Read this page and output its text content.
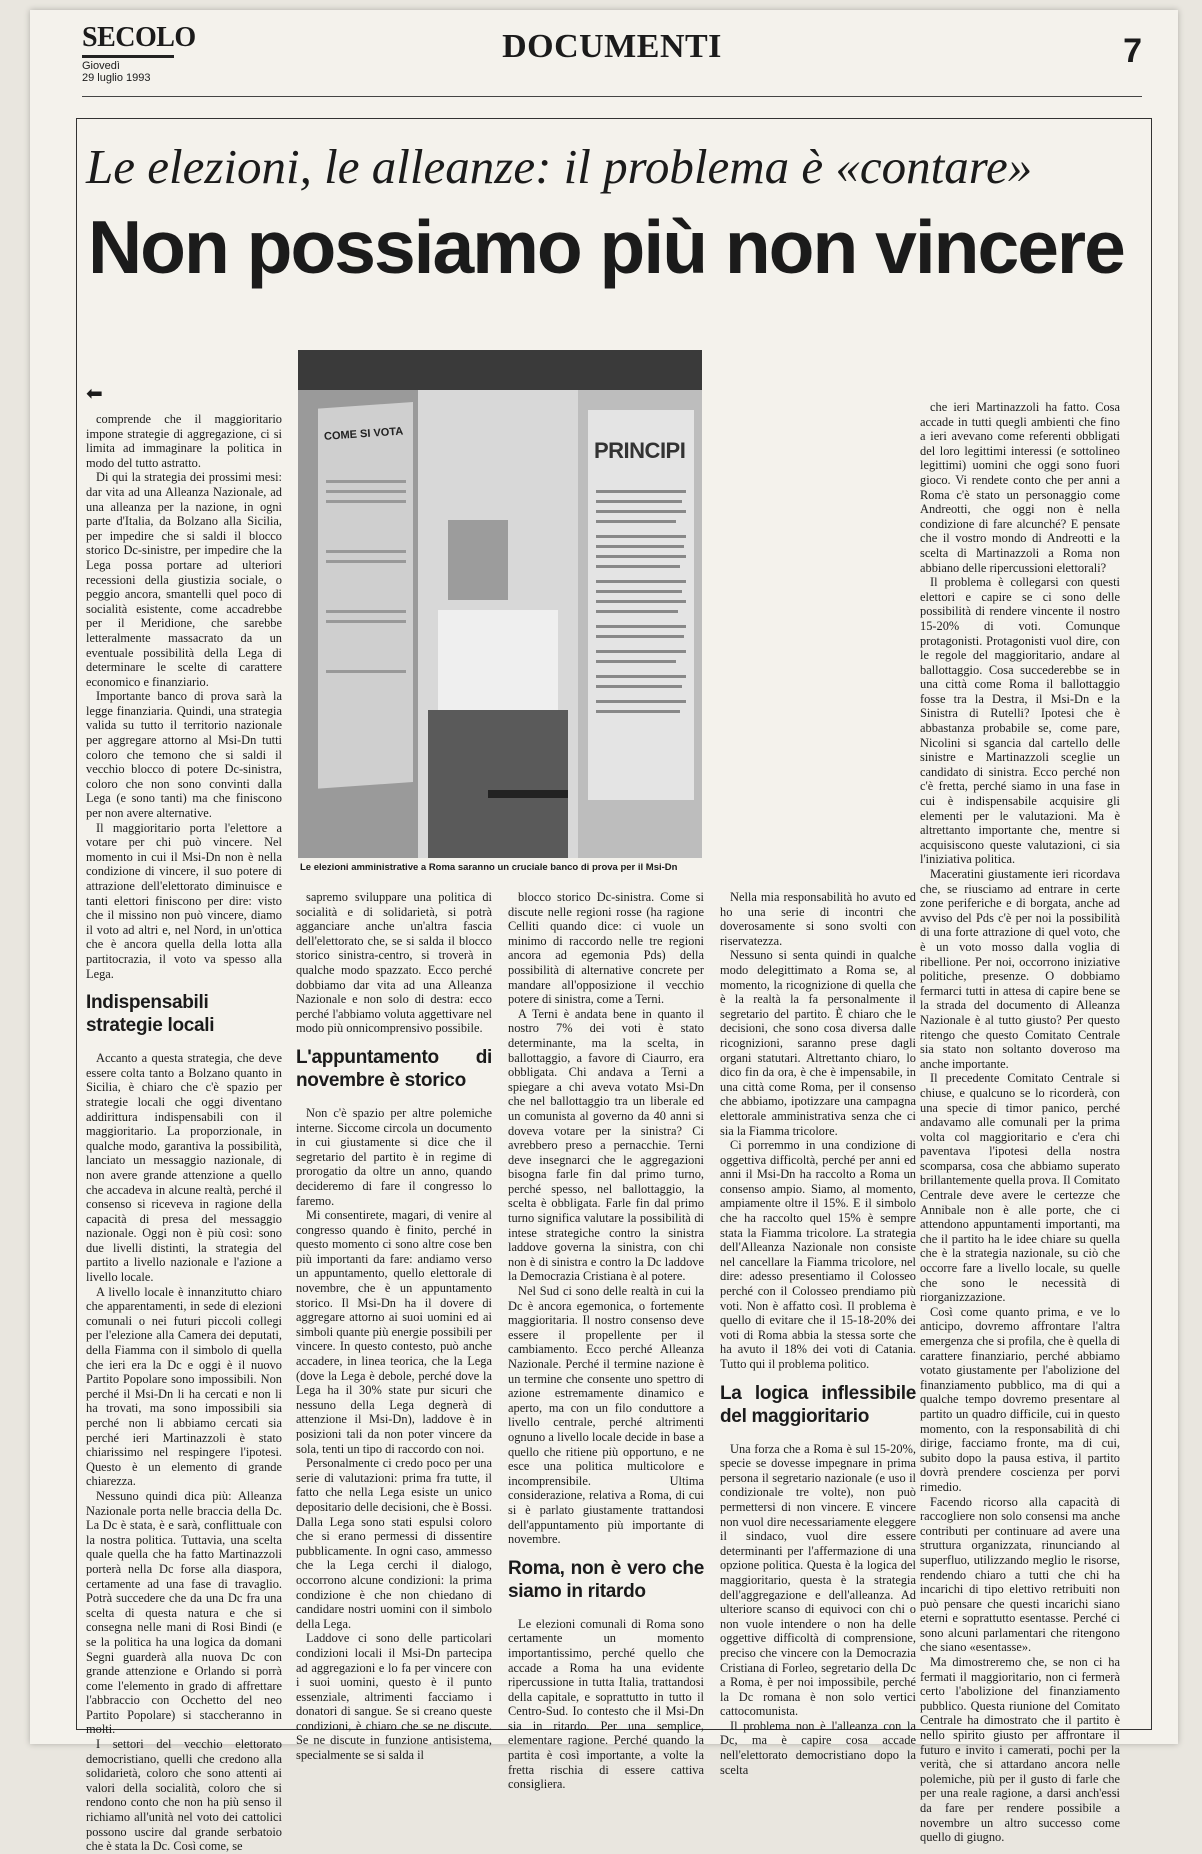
SECOLO
Giovedì
29 luglio 1993
DOCUMENTI	7
Le elezioni, le alleanze: il problema è «contare»
Non possiamo più non vincere
⬅

comprende che il maggioritario impone strategie di aggregazione, ci si limita ad immaginare la politica in modo del tutto astratto.

Di qui la strategia dei prossimi mesi: dar vita ad una Alleanza Nazionale, ad una alleanza per la nazione, in ogni parte d'Italia, da Bolzano alla Sicilia, per impedire che si saldi il blocco storico Dc-sinistre, per impedire che la Lega possa portare ad ulteriori recessioni della giustizia sociale, o peggio ancora, smantelli quel poco di socialità esistente, come accadrebbe per il Meridione, che sarebbe letteralmente massacrato da un eventuale possibilità della Lega di determinare le scelte di carattere economico e finanziario.

Importante banco di prova sarà la legge finanziaria. Quindi, una strategia valida su tutto il territorio nazionale per aggregare attorno al Msi-Dn tutti coloro che temono che si saldi il vecchio blocco di potere Dc-sinistra, coloro che non sono convinti dalla Lega (e sono tanti) ma che finiscono per non avere alternative.

Il maggioritario porta l'elettore a votare per chi può vincere. Nel momento in cui il Msi-Dn non è nella condizione di vincere, il suo potere di attrazione dell'elettorato diminuisce e tanti elettori finiscono per dire: visto che il missino non può vincere, diamo il voto ad altri e, nel Nord, in un'ottica che è ancora quella della lotta alla partitocrazia, il voto va spesso alla Lega.

Indispensabili strategie locali

Accanto a questa strategia, che deve essere colta tanto a Bolzano quanto in Sicilia, è chiaro che c'è spazio per strategie locali che oggi diventano addirittura indispensabili con il maggioritario. La proporzionale, in qualche modo, garantiva la possibilità, lanciato un messaggio nazionale, di non avere grande attenzione a quello che accadeva in alcune realtà, perché il consenso si riceveva in ragione della capacità di presa del messaggio nazionale. Oggi non è più così: sono due livelli distinti, la strategia del partito a livello nazionale e l'azione a livello locale.

A livello locale è innanzitutto chiaro che apparentamenti, in sede di elezioni comunali o nei futuri piccoli collegi per l'elezione alla Camera dei deputati, della Fiamma con il simbolo di quella che ieri era la Dc e oggi è il nuovo Partito Popolare sono impossibili. Non perché il Msi-Dn li ha cercati e non li ha trovati, ma sono impossibili sia perché non li abbiamo cercati sia perché ieri Martinazzoli è stato chiarissimo nel respingere l'ipotesi. Questo è un elemento di grande chiarezza.

Nessuno quindi dica più: Alleanza Nazionale porta nelle braccia della Dc. La Dc è stata, è e sarà, conflittuale con la nostra politica. Tuttavia, una scelta quale quella che ha fatto Martinazzoli porterà nella Dc forse alla diaspora, certamente ad una fase di travaglio. Potrà succedere che da una Dc fra una scelta di questa natura e che si consegna nelle mani di Rosi Bindi (e se la politica ha una logica da domani Segni guarderà alla nuova Dc con grande attenzione e Orlando si porrà come l'elemento in grado di affrettare l'abbraccio con Occhetto del neo Partito Popolare) si staccheranno in molti.

I settori del vecchio elettorato democristiano, quelli che credono alla solidarietà, coloro che sono attenti ai valori della socialità, coloro che si rendono conto che non ha più senso il richiamo all'unità nel voto dei cattolici possono uscire dal grande serbatoio che è stata la Dc. Così come, se

COME SI VOTA
PRINCIPI
Le elezioni amministrative a Roma saranno un cruciale banco di prova per il Msi-Dn

sapremo sviluppare una politica di socialità e di solidarietà, si potrà agganciare anche un'altra fascia dell'elettorato che, se si salda il blocco storico sinistra-centro, si troverà in qualche modo spazzato. Ecco perché dobbiamo dar vita ad una Alleanza Nazionale e non solo di destra: ecco perché l'abbiamo voluta aggettivare nel modo più onnicomprensivo possibile.

L'appuntamento di novembre è storico

Non c'è spazio per altre polemiche interne. Siccome circola un documento in cui giustamente si dice che il segretario del partito è in regime di prorogatio da oltre un anno, quando decideremo di fare il congresso lo faremo.

Mi consentirete, magari, di venire al congresso quando è finito, perché in questo momento ci sono altre cose ben più importanti da fare: andiamo verso un appuntamento, quello elettorale di novembre, che è un appuntamento storico. Il Msi-Dn ha il dovere di aggregare attorno ai suoi uomini ed ai simboli quante più energie possibili per vincere. In questo contesto, può anche accadere, in linea teorica, che la Lega (dove la Lega è debole, perché dove la Lega ha il 30% state pur sicuri che nessuno della Lega degnerà di attenzione il Msi-Dn), laddove è in posizioni tali da non poter vincere da sola, tenti un tipo di raccordo con noi.

Personalmente ci credo poco per una serie di valutazioni: prima fra tutte, il fatto che nella Lega esiste un unico depositario delle decisioni, che è Bossi. Dalla Lega sono stati espulsi coloro che si erano permessi di dissentire pubblicamente. In ogni caso, ammesso che la Lega cerchi il dialogo, occorrono alcune condizioni: la prima condizione è che non chiedano di candidare nostri uomini con il simbolo della Lega.

Laddove ci sono delle particolari condizioni locali il Msi-Dn partecipa ad aggregazioni e lo fa per vincere con i suoi uomini, questo è il punto essenziale, altrimenti facciamo i donatori di sangue. Se si creano queste condizioni, è chiaro che se ne discute. Se ne discute in funzione antisistema, specialmente se si salda il

blocco storico Dc-sinistra. Come si discute nelle regioni rosse (ha ragione Celliti quando dice: ci vuole un minimo di raccordo nelle tre regioni ancora ad egemonia Pds) della possibilità di alternative concrete per mandare all'opposizione il vecchio potere di sinistra, come a Terni.

A Terni è andata bene in quanto il nostro 7% dei voti è stato determinante, ma la scelta, in ballottaggio, a favore di Ciaurro, era obbligata. Chi andava a Terni a spiegare a chi aveva votato Msi-Dn che nel ballottaggio tra un liberale ed un comunista al governo da 40 anni si doveva votare per la sinistra? Ci avrebbero preso a pernacchie. Terni deve insegnarci che le aggregazioni bisogna farle fin dal primo turno, perché spesso, nel ballottaggio, la scelta è obbligata. Farle fin dal primo turno significa valutare la possibilità di intese strategiche contro la sinistra laddove governa la sinistra, con chi non è di sinistra e contro la Dc laddove la Democrazia Cristiana è al potere.

Nel Sud ci sono delle realtà in cui la Dc è ancora egemonica, o fortemente maggioritaria. Il nostro consenso deve essere il propellente per il cambiamento. Ecco perché Alleanza Nazionale. Perché il termine nazione è un termine che consente uno spettro di azione estremamente dinamico e aperto, ma con un filo conduttore a livello centrale, perché altrimenti ognuno a livello locale decide in base a quello che ritiene più opportuno, e ne esce una politica multicolore e incomprensibile. Ultima considerazione, relativa a Roma, di cui si è parlato giustamente trattandosi dell'appuntamento più importante di novembre.

Roma, non è vero che siamo in ritardo

Le elezioni comunali di Roma sono certamente un momento importantissimo, perché quello che accade a Roma ha una evidente ripercussione in tutta Italia, trattandosi della capitale, e soprattutto in tutto il Centro-Sud. Io contesto che il Msi-Dn sia in ritardo. Per una semplice, elementare ragione. Perché quando la partita è così importante, a volte la fretta rischia di essere cattiva consigliera.

Nella mia responsabilità ho avuto ed ho una serie di incontri che doverosamente si sono svolti con riservatezza.

Nessuno si senta quindi in qualche modo delegittimato a Roma se, al momento, la ricognizione di quella che è la realtà la fa personalmente il segretario del partito. È chiaro che le decisioni, che sono cosa diversa dalle ricognizioni, saranno prese dagli organi statutari. Altrettanto chiaro, lo dico fin da ora, è che è impensabile, in una città come Roma, per il consenso che abbiamo, ipotizzare una campagna elettorale amministrativa senza che ci sia la Fiamma tricolore.

Ci porremmo in una condizione di oggettiva difficoltà, perché per anni ed anni il Msi-Dn ha raccolto a Roma un consenso ampio. Siamo, al momento, ampiamente oltre il 15%. E il simbolo che ha raccolto quel 15% è sempre stata la Fiamma tricolore. La strategia dell'Alleanza Nazionale non consiste nel cancellare la Fiamma tricolore, nel dire: adesso presentiamo il Colosseo perché con il Colosseo prendiamo più voti. Non è affatto così. Il problema è quello di evitare che il 15-18-20% dei voti di Roma abbia la stessa sorte che ha avuto il 18% dei voti di Catania. Tutto qui il problema politico.

La logica inflessibile del maggioritario

Una forza che a Roma è sul 15-20%, specie se dovesse impegnare in prima persona il segretario nazionale (e uso il condizionale tre volte), non può permettersi di non vincere. E vincere non vuol dire necessariamente eleggere il sindaco, vuol dire essere determinanti per l'affermazione di una opzione politica. Questa è la logica del maggioritario, questa è la strategia dell'aggregazione e dell'alleanza. Ad ulteriore scanso di equivoci con chi o non vuole intendere o non ha delle oggettive difficoltà di comprensione, preciso che vincere con la Democrazia Cristiana di Forleo, segretario della Dc a Roma, è per noi impossibile, perché la Dc romana è non solo vertici cattocomunista.

Il problema non è l'alleanza con la Dc, ma è capire cosa accade nell'elettorato democristiano dopo la scelta

che ieri Martinazzoli ha fatto. Cosa accade in tutti quegli ambienti che fino a ieri avevano come referenti obbligati del loro legittimi interessi (e sottolineo legittimi) uomini che oggi sono fuori gioco. Vi rendete conto che per anni a Roma c'è stato un personaggio come Andreotti, che oggi non è nella condizione di fare alcunché? E pensate che il vostro mondo di Andreotti e la scelta di Martinazzoli a Roma non abbiano delle ripercussioni elettorali?

Il problema è collegarsi con questi elettori e capire se ci sono delle possibilità di rendere vincente il nostro 15-20% di voti. Comunque protagonisti. Protagonisti vuol dire, con le regole del maggioritario, andare al ballottaggio. Cosa succederebbe se in una città come Roma il ballottaggio fosse tra la Destra, il Msi-Dn e la Sinistra di Rutelli? Ipotesi che è abbastanza probabile se, come pare, Nicolini si sgancia dal cartello delle sinistre e Martinazzoli sceglie un candidato di sinistra. Ecco perché non c'è fretta, perché siamo in una fase in cui è indispensabile acquisire gli elementi per le valutazioni. Ma è altrettanto importante che, mentre si acquisiscono queste valutazioni, ci sia l'iniziativa politica.

Maceratini giustamente ieri ricordava che, se riusciamo ad entrare in certe zone periferiche e di borgata, anche ad avviso del Pds c'è per noi la possibilità di una forte attrazione di quel voto, che è un voto mosso dalla voglia di ribellione. Per noi, occorrono iniziative politiche, presenze. O dobbiamo fermarci tutti in attesa di capire bene se la strada del documento di Alleanza Nazionale è al tutto giusto? Per questo ritengo che questo Comitato Centrale sia stato non soltanto doveroso ma anche importante.

Il precedente Comitato Centrale si chiuse, e qualcuno se lo ricorderà, con una specie di timor panico, perché andavamo alle comunali per la prima volta col maggioritario e c'era chi paventava l'ipotesi della nostra scomparsa, cosa che abbiamo superato brillantemente quella prova. Il Comitato Centrale deve avere le certezze che Annibale non è alle porte, che ci attendono appuntamenti importanti, ma che il partito ha le idee chiare su quella che è la strategia nazionale, su ciò che occorre fare a livello locale, su quelle che sono le necessità di riorganizzazione.

Così come quanto prima, e ve lo anticipo, dovremo affrontare l'altra emergenza che si profila, che è quella di carattere finanziario, perché abbiamo votato giustamente per l'abolizione del finanziamento pubblico, ma di qui a qualche tempo dovremo presentare al partito un quadro difficile, cui in questo momento, con la responsabilità di chi dirige, facciamo fronte, ma di cui, subito dopo la pausa estiva, il partito dovrà prendere coscienza per porvi rimedio.

Facendo ricorso alla capacità di raccogliere non solo consensi ma anche contributi per continuare ad avere una struttura organizzata, rinunciando al superfluo, utilizzando meglio le risorse, rendendo chiaro a tutti che chi ha incarichi di tipo elettivo retribuiti non può pensare che questi incarichi siano eterni e soprattutto esentasse. Perché ci sono alcuni parlamentari che ritengono che siano «esentasse».

Ma dimostreremo che, se non ci ha fermati il maggioritario, non ci fermerà certo l'abolizione del finanziamento pubblico. Questa riunione del Comitato Centrale ha dimostrato che il partito è nello spirito giusto per affrontare il futuro e invito i camerati, pochi per la verità, che si attardano ancora nelle polemiche, più per il gusto di farle che per una reale ragione, a darsi anch'essi da fare per rendere possibile a novembre un altro successo come quello di giugno.
